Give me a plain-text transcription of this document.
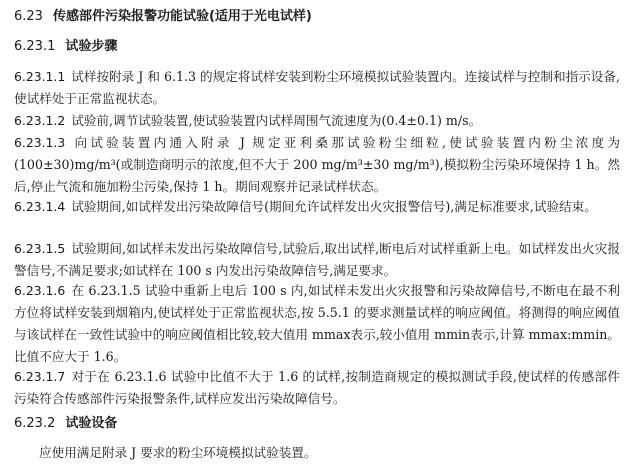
6.23 传感部件污染报警功能试验(适用于光电试样)
6.23.1 试验步骤
6.23.1.1 试样按附录 J 和 6.1.3 的规定将试样安装到粉尘环境模拟试验装置内。连接试样与控制和指示设备,使试样处于正常监视状态。
6.23.1.2 试验前,调节试验装置,使试验装置内试样周围气流速度为(0.4±0.1) m/s。
6.23.1.3 向试验装置内通入附录 J 规定亚利桑那试验粉尘细粒,使试验装置内粉尘浓度为(100±30)mg/m³(或制造商明示的浓度,但不大于 200 mg/m³±30 mg/m³),模拟粉尘污染环境保持 1 h。然后,停止气流和施加粉尘污染,保持 1 h。期间观察并记录试样状态。
6.23.1.4 试验期间,如试样发出污染故障信号(期间允许试样发出火灾报警信号),满足标准要求,试验结束。
6.23.1.5 试验期间,如试样未发出污染故障信号,试验后,取出试样,断电后对试样重新上电。如试样发出火灾报警信号,不满足要求;如试样在 100 s 内发出污染故障信号,满足要求。
6.23.1.6 在 6.23.1.5 试验中重新上电后 100 s 内,如试样未发出火灾报警和污染故障信号,不断电在最不利方位将试样安装到烟箱内,使试样处于正常监视状态,按 5.5.1 的要求测量试样的响应阈值。将测得的响应阈值与该试样在一致性试验中的响应阈值相比较,较大值用 mmax表示,较小值用 mmin表示,计算 mmax:mmin。比值不应大于 1.6。
6.23.1.7 对于在 6.23.1.6 试验中比值不大于 1.6 的试样,按制造商规定的模拟测试手段,使试样的传感部件污染符合传感部件污染报警条件,试样应发出污染故障信号。
6.23.2 试验设备
应使用满足附录 J 要求的粉尘环境模拟试验装置。
